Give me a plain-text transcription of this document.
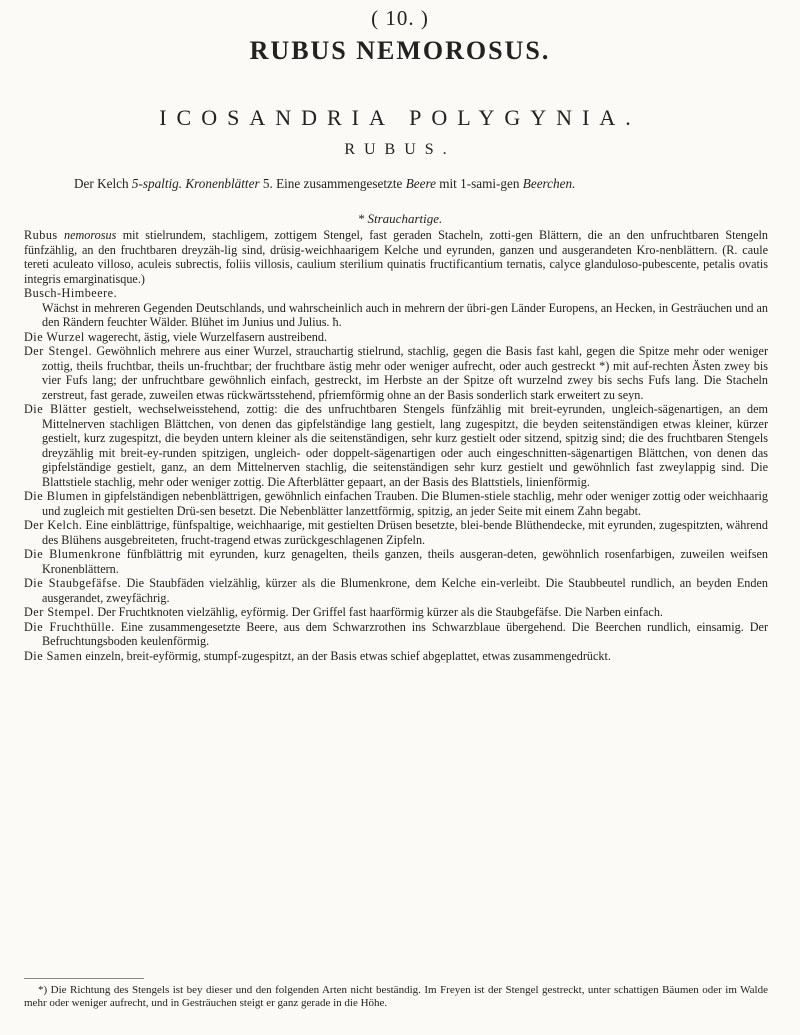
( 10. )
RUBUS NEMOROSUS.
ICOSANDRIA POLYGYNIA.
RUBUS.
Der Kelch 5-spaltig. Kronenblätter 5. Eine zusammengesetzte Beere mit 1-sami-gen Beerchen.
* Strauchartige.

Rubus nemorosus mit stielrundem, stachligem, zottigem Stengel, fast geraden Stacheln, zotti-gen Blättern, die an den unfruchtbaren Stengeln fünfzählig, an den fruchtbaren dreyzäh-lig sind, drüsig-weichhaarigem Kelche und eyrunden, ganzen und ausgerandeten Kro-nenblättern. (R. caule tereti aculeato villoso, aculeis subrectis, foliis villosis, caulium sterilium quinatis fructificantium ternatis, calyce glanduloso-pubescente, petalis ovatis integris emarginatisque.)

Busch-Himbeere.
Wächst in mehreren Gegenden Deutschlands, und wahrscheinlich auch in mehrern der übri-gen Länder Europens, an Hecken, in Gesträuchen und an den Rändern feuchter Wälder. Blühet im Junius und Julius. ħ.

Die Wurzel wagerecht, ästig, viele Wurzelfasern austreibend.

Der Stengel. Gewöhnlich mehrere aus einer Wurzel, strauchartig stielrund, stachlig, gegen die Basis fast kahl, gegen die Spitze mehr oder weniger zottig, theils fruchtbar, theils un-fruchtbar; der fruchtbare ästig mehr oder weniger aufrecht, oder auch gestreckt *) mit auf-rechten Ästen zwey bis vier Fufs lang; der unfruchtbare gewöhnlich einfach, gestreckt, im Herbste an der Spitze oft wurzelnd zwey bis sechs Fufs lang. Die Stacheln zerstreut, fast gerade, zuweilen etwas rückwärtsstehend, pfriemförmig ohne an der Basis sonderlich stark erweitert zu seyn.

Die Blätter gestielt, wechselweisstehend, zottig: die des unfruchtbaren Stengels fünfzählig mit breit-eyrunden, ungleich-sägenartigen, an dem Mittelnerven stachligen Blättchen, von denen das gipfelständige lang gestielt, lang zugespitzt, die beyden seitenständigen etwas kleiner, kürzer gestielt, kurz zugespitzt, die beyden untern kleiner als die seitenständigen, sehr kurz gestielt oder sitzend, spitzig sind; die des fruchtbaren Stengels dreyzählig mit breit-ey-runden spitzigen, ungleich- oder doppelt-sägenartigen oder auch eingeschnitten-sägenartigen Blättchen, von denen das gipfelständige gestielt, ganz, an dem Mittelnerven stachlig, die seitenständigen sehr kurz gestielt und gewöhnlich fast zweylappig sind. Die Blattstiele stachlig, mehr oder weniger zottig. Die Afterblätter gepaart, an der Basis des Blattstiels, linienförmig.

Die Blumen in gipfelständigen nebenblättrigen, gewöhnlich einfachen Trauben. Die Blumen-stiele stachlig, mehr oder weniger zottig oder weichhaarig und zugleich mit gestielten Drü-sen besetzt. Die Nebenblätter lanzettförmig, spitzig, an jeder Seite mit einem Zahn begabt.

Der Kelch. Eine einblättrige, fünfspaltige, weichhaarige, mit gestielten Drüsen besetzte, blei-bende Blüthendecke, mit eyrunden, zugespitzten, während des Blühens ausgebreiteten, frucht-tragend etwas zurückgeschlagenen Zipfeln.

Die Blumenkrone fünfblättrig mit eyrunden, kurz genagelten, theils ganzen, theils ausgeran-deten, gewöhnlich rosenfarbigen, zuweilen weifsen Kronenblättern.

Die Staubgefäfse. Die Staubfäden vielzählig, kürzer als die Blumenkrone, dem Kelche ein-verleibt. Die Staubbeutel rundlich, an beyden Enden ausgerandet, zweyfächrig.

Der Stempel. Der Fruchtknoten vielzählig, eyförmig. Der Griffel fast haarförmig kürzer als die Staubgefäfse. Die Narben einfach.

Die Fruchthülle. Eine zusammengesetzte Beere, aus dem Schwarzrothen ins Schwarzblaue übergehend. Die Beerchen rundlich, einsamig. Der Befruchtungsboden keulenförmig.

Die Samen einzeln, breit-eyförmig, stumpf-zugespitzt, an der Basis etwas schief abgeplattet, etwas zusammengedrückt.

*) Die Richtung des Stengels ist bey dieser und den folgenden Arten nicht beständig. Im Freyen ist der Stengel gestreckt, unter schattigen Bäumen oder im Walde mehr oder weniger aufrecht, und in Gesträuchen steigt er ganz gerade in die Höhe.
